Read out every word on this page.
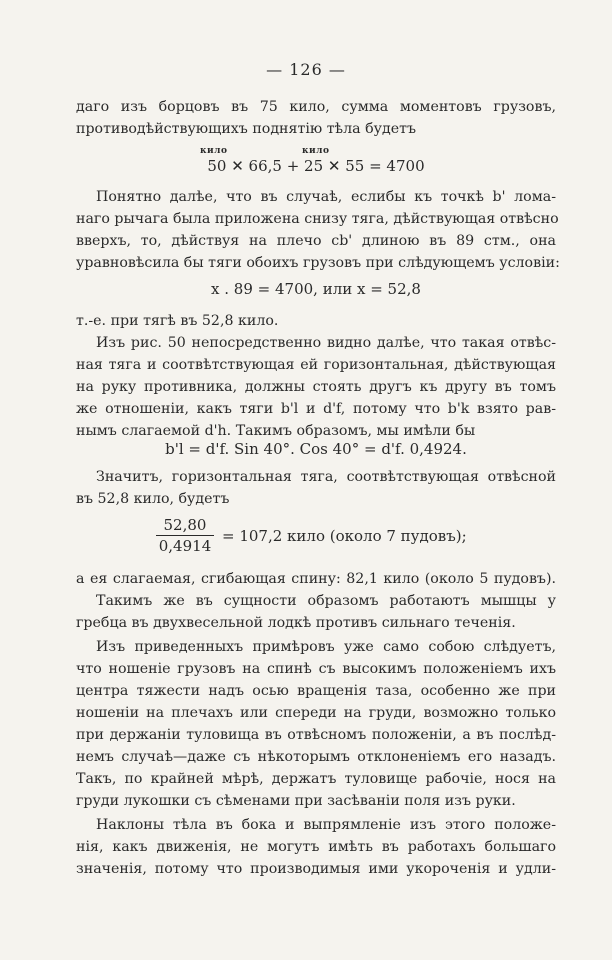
— 126 —
даго изъ борцовъ въ 75 кило, сумма моментовъ грузовъ,
противодѣйствующихъ поднятію тѣла будетъ
кило	кило
50 ✕ 66,5 + 25 ✕ 55 = 4700
Понятно далѣе, что въ случаѣ, еслибы къ точкѣ b' лома-
наго рычага была приложена снизу тяга, дѣйствующая отвѣсно
вверхъ, то, дѣйствуя на плечо cb' длиною въ 89 стм., она
уравновѣсила бы тяги обоихъ грузовъ при слѣдующемъ условіи:
x . 89 = 4700, или x = 52,8
т.-е. при тягѣ въ 52,8 кило.
Изъ рис. 50 непосредственно видно далѣе, что такая отвѣс-
ная тяга и соотвѣтствующая ей горизонтальная, дѣйствующая
на руку противника, должны стоять другъ къ другу въ томъ
же отношеніи, какъ тяги b'l и d'f, потому что b'k взято рав-
нымъ слагаемой d'h. Такимъ образомъ, мы имѣли бы
b'l = d'f. Sin 40°. Cos 40° = d'f. 0,4924.
Значитъ, горизонтальная тяга, соотвѣтствующая отвѣсной
въ 52,8 кило, будетъ
52,80
0,4914
= 107,2 кило (около 7 пудовъ);
а ея слагаемая, сгибающая спину: 82,1 кило (около 5 пудовъ).
Такимъ же въ сущности образомъ работаютъ мышцы у
гребца въ двухвесельной лодкѣ противъ сильнаго теченія.
Изъ приведенныхъ примѣровъ уже само собою слѣдуетъ,
что ношеніе грузовъ на спинѣ съ высокимъ положеніемъ ихъ
центра тяжести надъ осью вращенія таза, особенно же при
ношеніи на плечахъ или спереди на груди, возможно только
при держаніи туловища въ отвѣсномъ положеніи, а въ послѣд-
немъ случаѣ—даже съ нѣкоторымъ отклоненіемъ его назадъ.
Такъ, по крайней мѣрѣ, держатъ туловище рабочіе, нося на
груди лукошки съ сѣменами при засѣваніи поля изъ руки.
Наклоны тѣла въ бока и выпрямленіе изъ этого положе-
нія, какъ движенія, не могутъ имѣть въ работахъ большаго
значенія, потому что производимыя ими укороченія и удли-
